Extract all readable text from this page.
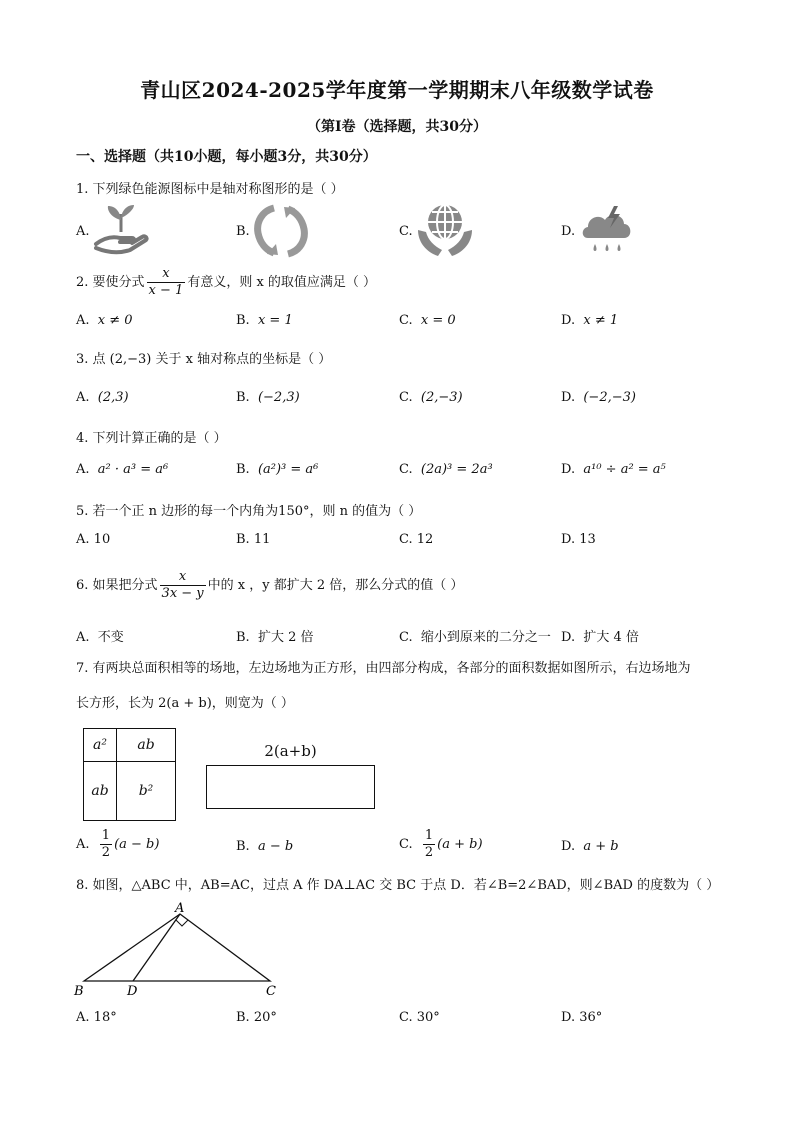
青山区2024-2025学年度第一学期期末八年级数学试卷
（第I卷（选择题，共30分）
一、选择题（共10小题，每小题3分，共30分）
1. 下列绿色能源图标中是轴对称图形的是（ ）
A.	B.	C.	D.
2. 要使分式 $\frac{x}{x - 1}$ 有意义，则 x 的取值应满足（ ）
A. x ≠ 0	B. x = 1	C. x = 0	D. x ≠ 1
3. 点 (2,−3) 关于 x 轴对称点的坐标是（ ）
A. (2,3)	B. (−2,3)	C. (2,−3)	D. (−2,−3)
4. 下列计算正确的是（ ）
A. a² · a³ = a⁶	B. (a²)³ = a⁶	C. (2a)³ = 2a³	D. a¹⁰ ÷ a² = a⁵
5. 若一个正 n 边形的每一个内角为150°，则 n 的值为（ ）
A. 10	B. 11	C. 12	D. 13
6. 如果把分式 $\frac{x}{3x - y}$ 中的 x ，y 都扩大 2 倍，那么分式的值（ ）
A. 不变	B. 扩大 2 倍	C. 缩小到原来的二分之一 D. 扩大 4 倍
7. 有两块总面积相等的场地，左边场地为正方形，由四部分构成，各部分的面积数据如图所示，右边场地为
长方形，长为 2(a + b)，则宽为（ ）
a²	ab
ab	b²
2(a+b)
A. $\frac{1}{2} (a - b)$	B. a − b	C. $\frac{1}{2} (a + b)$	D. a + b
8. 如图，△ABC 中，AB=AC，过点 A 作 DA⊥AC 交 BC 于点 D．若∠B=2∠BAD，则∠BAD 的度数为（ ）
A
B	D	C
A. 18°	B. 20°	C. 30°	D. 36°
